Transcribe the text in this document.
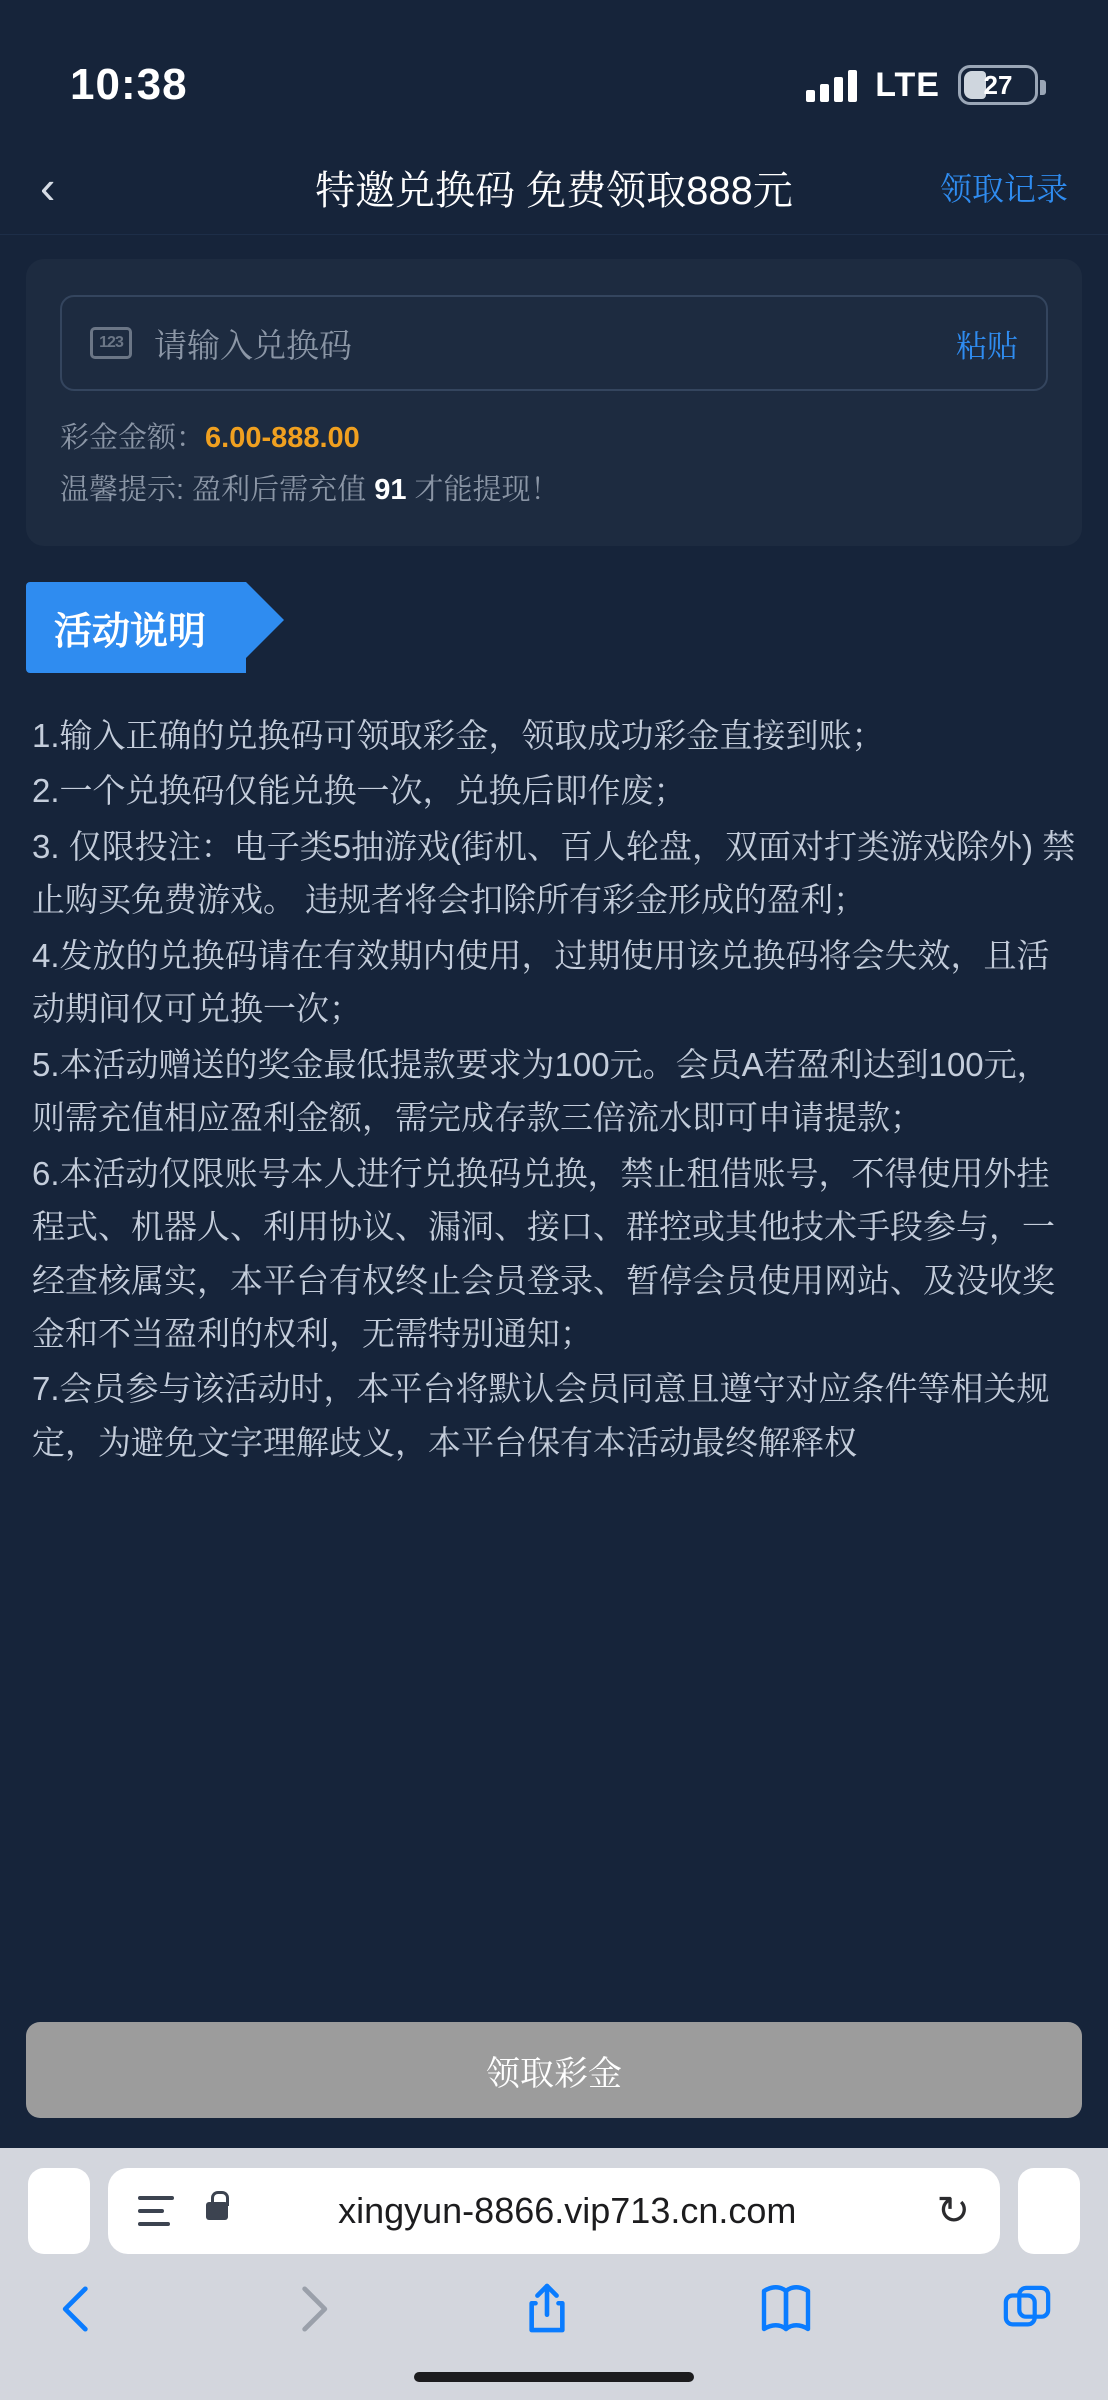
10:38	LTE 27
‹	特邀兑换码 免费领取888元	领取记录
123 请输入兑换码	粘贴
彩金金额：6.00-888.00
温馨提示: 盈利后需充值 91 才能提现！
活动说明

1.输入正确的兑换码可领取彩金，领取成功彩金直接到账；

2.一个兑换码仅能兑换一次，兑换后即作废；

3. 仅限投注：电子类5抽游戏(街机、百人轮盘，双面对打类游戏除外) 禁止购买免费游戏。 违规者将会扣除所有彩金形成的盈利；

4.发放的兑换码请在有效期内使用，过期使用该兑换码将会失效，且活动期间仅可兑换一次；

5.本活动赠送的奖金最低提款要求为100元。会员A若盈利达到100元，则需充值相应盈利金额，需完成存款三倍流水即可申请提款；

6.本活动仅限账号本人进行兑换码兑换，禁止租借账号，不得使用外挂程式、机器人、利用协议、漏洞、接口、群控或其他技术手段参与，一经查核属实，本平台有权终止会员登录、暂停会员使用网站、及没收奖金和不当盈利的权利，无需特别通知；

7.会员参与该活动时，本平台将默认会员同意且遵守对应条件等相关规定，为避免文字理解歧义，本平台保有本活动最终解释权

领取彩金
xingyun-8866.vip713.cn.com	↻
